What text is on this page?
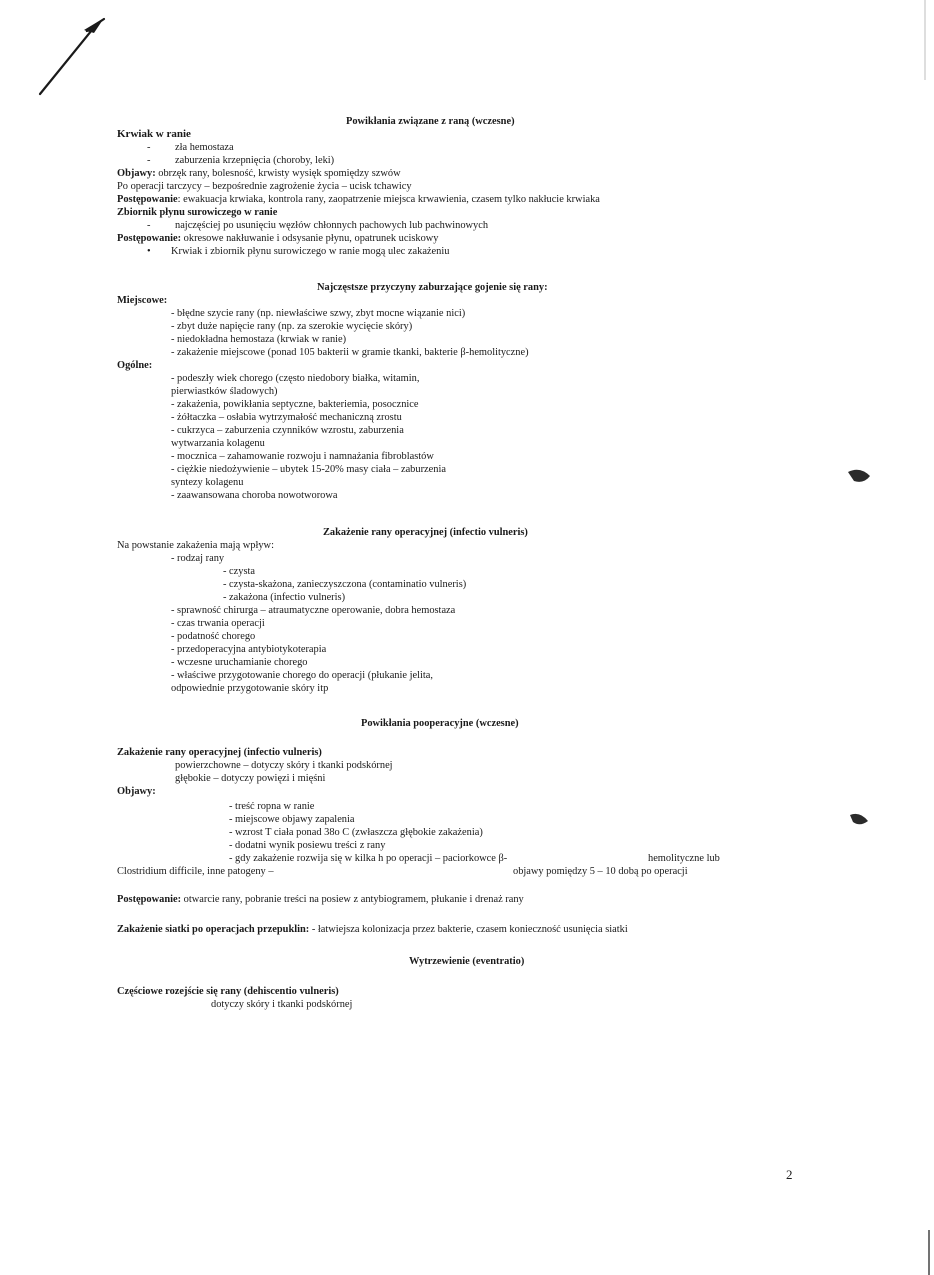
Powikłania związane z raną (wczesne)
Krwiak w ranie
- zła hemostaza
- zaburzenia krzepnięcia (choroby, leki)
Objawy: obrzęk rany, bolesność, krwisty wysięk spomiędzy szwów
Po operacji tarczycy – bezpośrednie zagrożenie życia – ucisk tchawicy
Postępowanie: ewakuacja krwiaka, kontrola rany, zaopatrzenie miejsca krwawienia, czasem tylko nakłucie krwiaka
Zbiornik płynu surowiczego w ranie
- najczęściej po usunięciu węzłów chłonnych pachowych lub pachwinowych
Postępowanie: okresowe nakłuwanie i odsysanie płynu, opatrunek uciskowy
• Krwiak i zbiornik płynu surowiczego w ranie mogą ulec zakażeniu
Najczęstsze przyczyny zaburzające gojenie się rany:
Miejscowe:
- błędne szycie rany (np. niewłaściwe szwy, zbyt mocne wiązanie nici)
- zbyt duże napięcie rany (np. za szerokie wycięcie skóry)
- niedokładna hemostaza (krwiak w ranie)
- zakażenie miejscowe (ponad 105 bakterii w gramie tkanki, bakterie β-hemolityczne)
Ogólne:
- podeszły wiek chorego (często niedobory białka, witamin,
pierwiastków śladowych)
- zakażenia, powikłania septyczne, bakteriemia, posocznice
- żółtaczka – osłabia wytrzymałość mechaniczną zrostu
- cukrzyca – zaburzenia czynników wzrostu, zaburzenia
wytwarzania kolagenu
- mocznica – zahamowanie rozwoju i namnażania fibroblastów
- ciężkie niedożywienie – ubytek 15-20% masy ciała – zaburzenia
syntezy kolagenu
- zaawansowana choroba nowotworowa
Zakażenie rany operacyjnej (infectio vulneris)
Na powstanie zakażenia mają wpływ:
- rodzaj rany
- czysta
- czysta-skażona, zanieczyszczona (contaminatio vulneris)
- zakażona (infectio vulneris)
- sprawność chirurga – atraumatyczne operowanie, dobra hemostaza
- czas trwania operacji
- podatność chorego
- przedoperacyjna antybiotykoterapia
- wczesne uruchamianie chorego
- właściwe przygotowanie chorego do operacji (płukanie jelita,
odpowiednie przygotowanie skóry itp
Powikłania pooperacyjne (wczesne)
Zakażenie rany operacyjnej (infectio vulneris)
powierzchowne – dotyczy skóry i tkanki podskórnej
głębokie – dotyczy powięzi i mięśni
Objawy:
- treść ropna w ranie
- miejscowe objawy zapalenia
- wzrost T ciała ponad 38o C (zwłaszcza głębokie zakażenia)
- dodatni wynik posiewu treści z rany
- gdy zakażenie rozwija się w kilka h po operacji – paciorkowce β-	hemolityczne lub
Clostridium difficile, inne patogeny –	objawy pomiędzy 5 – 10 dobą po operacji
Postępowanie: otwarcie rany, pobranie treści na posiew z antybiogramem, płukanie i drenaż rany
Zakażenie siatki po operacjach przepuklin: - łatwiejsza kolonizacja przez bakterie, czasem konieczność usunięcia siatki
Wytrzewienie (eventratio)
Częściowe rozejście się rany (dehiscentio vulneris)
dotyczy skóry i tkanki podskórnej
2
